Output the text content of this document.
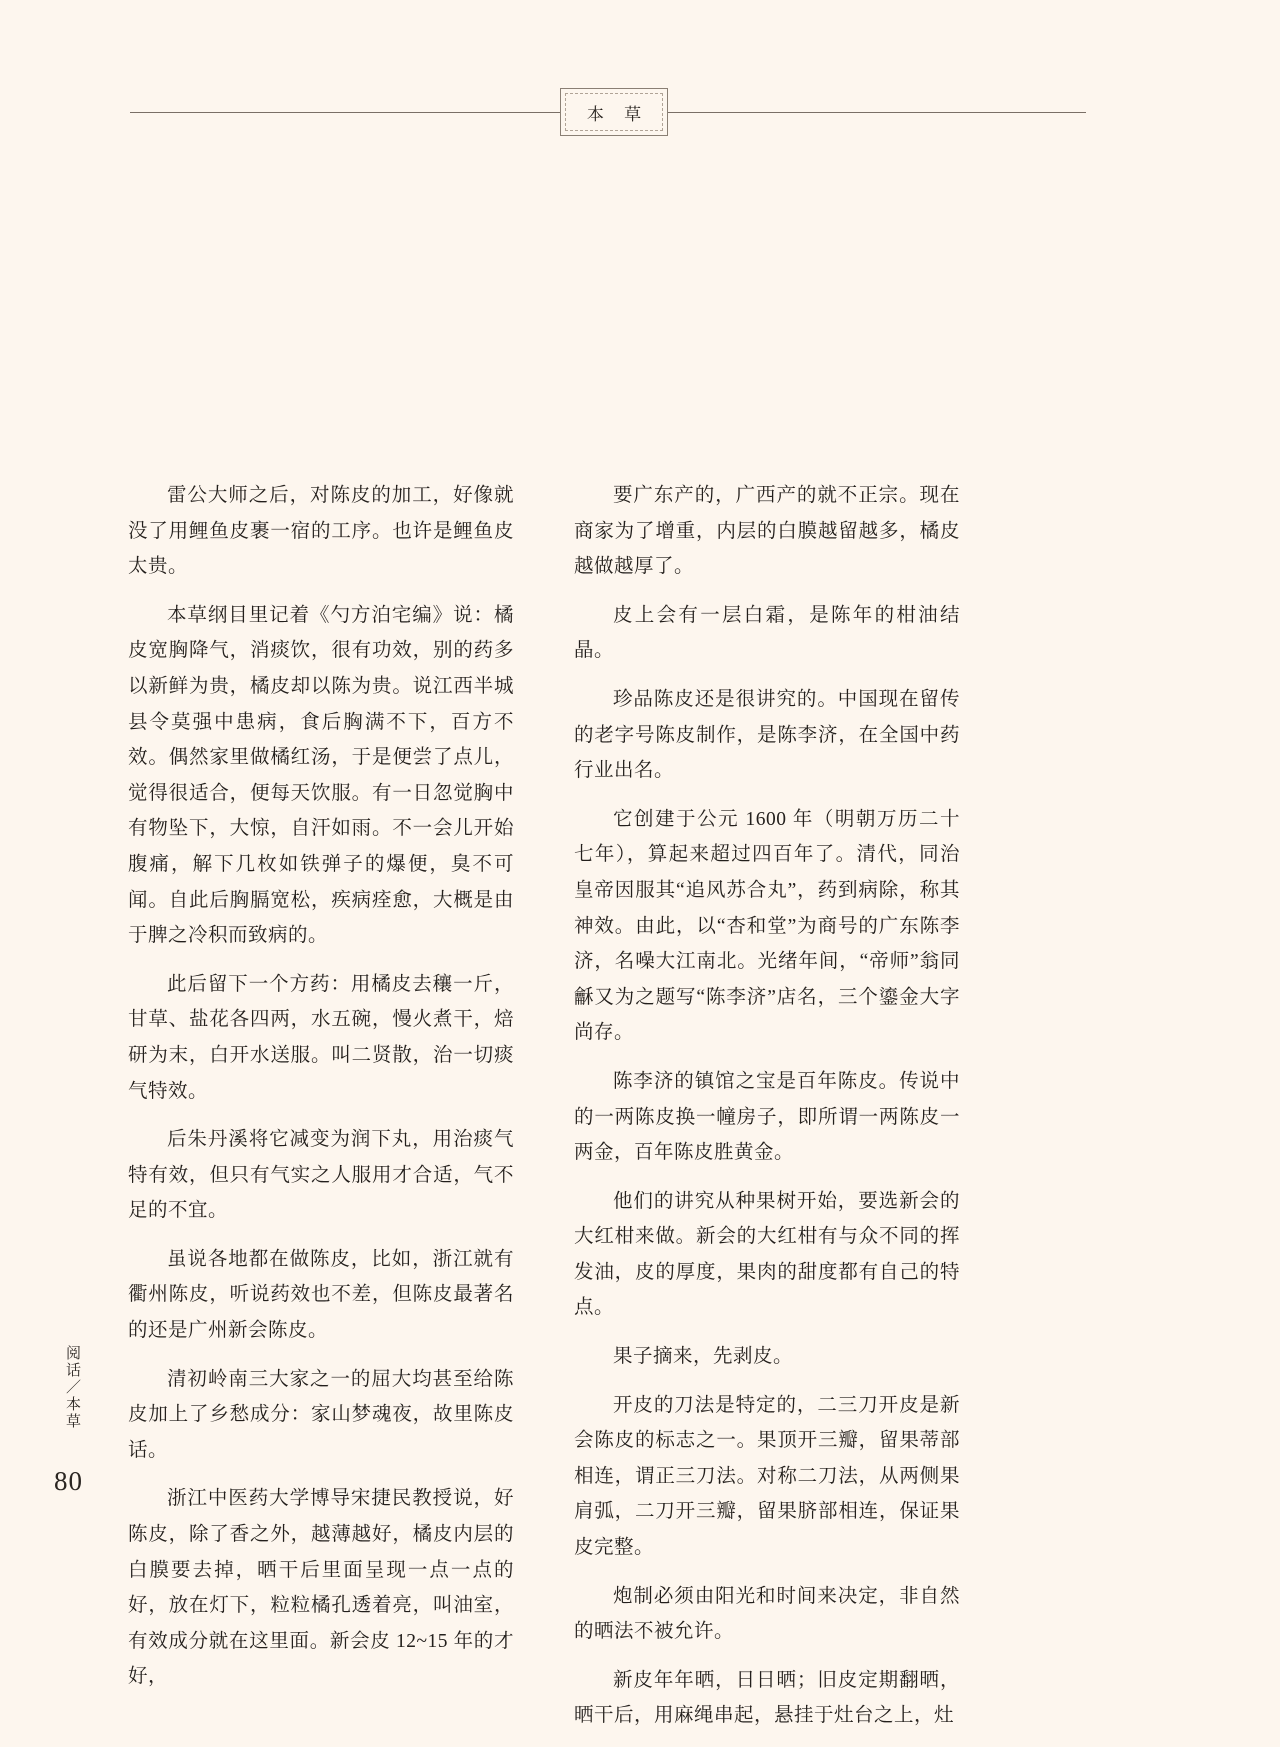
本 草

雷公大师之后，对陈皮的加工，好像就没了用鲤鱼皮裹一宿的工序。也许是鲤鱼皮太贵。

本草纲目里记着《勺方泊宅编》说：橘皮宽胸降气，消痰饮，很有功效，别的药多以新鲜为贵，橘皮却以陈为贵。说江西半城县令莫强中患病，食后胸满不下，百方不效。偶然家里做橘红汤，于是便尝了点儿，觉得很适合，便每天饮服。有一日忽觉胸中有物坠下，大惊，自汗如雨。不一会儿开始腹痛，解下几枚如铁弹子的爆便，臭不可闻。自此后胸膈宽松，疾病痊愈，大概是由于脾之冷积而致病的。

此后留下一个方药：用橘皮去穰一斤，甘草、盐花各四两，水五碗，慢火煮干，焙研为末，白开水送服。叫二贤散，治一切痰气特效。

后朱丹溪将它减变为润下丸，用治痰气特有效，但只有气实之人服用才合适，气不足的不宜。

虽说各地都在做陈皮，比如，浙江就有衢州陈皮，听说药效也不差，但陈皮最著名的还是广州新会陈皮。

清初岭南三大家之一的屈大均甚至给陈皮加上了乡愁成分：家山梦魂夜，故里陈皮话。

浙江中医药大学博导宋捷民教授说，好陈皮，除了香之外，越薄越好，橘皮内层的白膜要去掉，晒干后里面呈现一点一点的好，放在灯下，粒粒橘孔透着亮，叫油室，有效成分就在这里面。新会皮 12~15 年的才好，

要广东产的，广西产的就不正宗。现在商家为了增重，内层的白膜越留越多，橘皮越做越厚了。

皮上会有一层白霜，是陈年的柑油结晶。

珍品陈皮还是很讲究的。中国现在留传的老字号陈皮制作，是陈李济，在全国中药行业出名。

它创建于公元 1600 年（明朝万历二十七年），算起来超过四百年了。清代，同治皇帝因服其“追风苏合丸”，药到病除，称其神效。由此，以“杏和堂”为商号的广东陈李济，名噪大江南北。光绪年间，“帝师”翁同龢又为之题写“陈李济”店名，三个鎏金大字尚存。

陈李济的镇馆之宝是百年陈皮。传说中的一两陈皮换一幢房子，即所谓一两陈皮一两金，百年陈皮胜黄金。

他们的讲究从种果树开始，要选新会的大红柑来做。新会的大红柑有与众不同的挥发油，皮的厚度，果肉的甜度都有自己的特点。

果子摘来，先剥皮。

开皮的刀法是特定的，二三刀开皮是新会陈皮的标志之一。果顶开三瓣，留果蒂部相连，谓正三刀法。对称二刀法，从两侧果肩弧，二刀开三瓣，留果脐部相连，保证果皮完整。

炮制必须由阳光和时间来决定，非自然的晒法不被允许。

新皮年年晒，日日晒；旧皮定期翻晒，晒干后，用麻绳串起，悬挂于灶台之上，灶

阅话／本草
80
